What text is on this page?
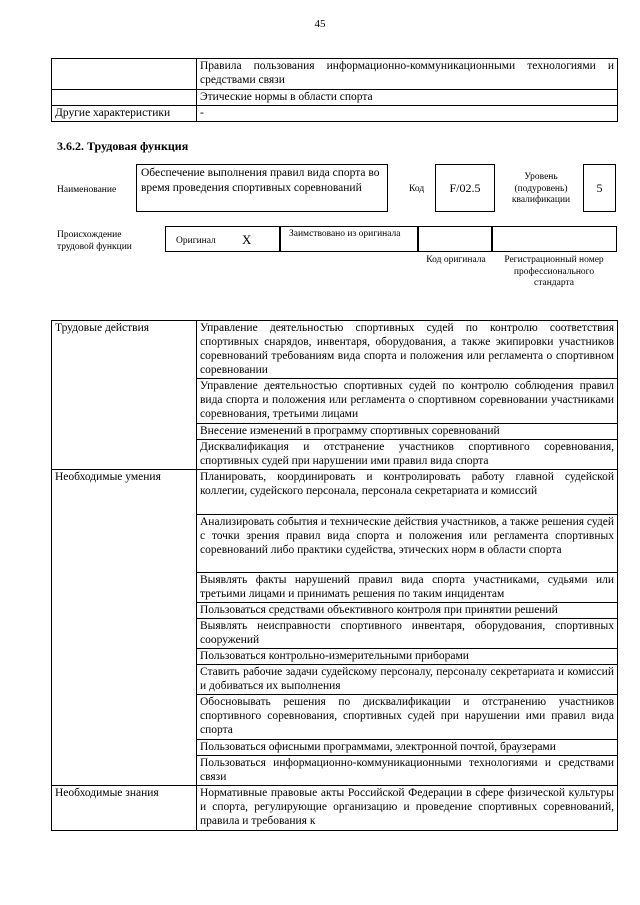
45
	Правила пользования информационно-коммуникационными технологиями и средствами связи
	Этические нормы в области спорта
Другие характеристики	-
3.6.2. Трудовая функция
Наименование
Обеспечение выполнения правил вида спорта во время проведения спортивных соревнований	Код	F/02.5
Уровень (подуровень) квалификации
5
Происхождение трудовой функции
Оригинал X	Заимствовано из оригинала
Код оригинала	Регистрационный номер профессионального стандарта
Трудовые действия	Управление деятельностью спортивных судей по контролю соответствия спортивных снарядов, инвентаря, оборудования, а также экипировки участников соревнований требованиям вида спорта и положения или регламента о спортивном соревновании
	Управление деятельностью спортивных судей по контролю соблюдения правил вида спорта и положения или регламента о спортивном соревновании участниками соревнования, третьими лицами
	Внесение изменений в программу спортивных соревнований
	Дисквалификация и отстранение участников спортивного соревнования, спортивных судей при нарушении ими правил вида спорта
Необходимые умения	Планировать, координировать и контролировать работу главной судейской коллегии, судейского персонала, персонала секретариата и комиссий
	Анализировать события и технические действия участников, а также решения судей с точки зрения правил вида спорта и положения или регламента спортивных соревнований либо практики судейства, этических норм в области спорта
	Выявлять факты нарушений правил вида спорта участниками, судьями или третьими лицами и принимать решения по таким инцидентам
	Пользоваться средствами объективного контроля при принятии решений
	Выявлять неисправности спортивного инвентаря, оборудования, спортивных сооружений
	Пользоваться контрольно-измерительными приборами
	Ставить рабочие задачи судейскому персоналу, персоналу секретариата и комиссий и добиваться их выполнения
	Обосновывать решения по дисквалификации и отстранению участников спортивного соревнования, спортивных судей при нарушении ими правил вида спорта
	Пользоваться офисными программами, электронной почтой, браузерами
	Пользоваться информационно-коммуникационными технологиями и средствами связи
Необходимые знания	Нормативные правовые акты Российской Федерации в сфере физической культуры и спорта, регулирующие организацию и проведение спортивных соревнований, правила и требования к
